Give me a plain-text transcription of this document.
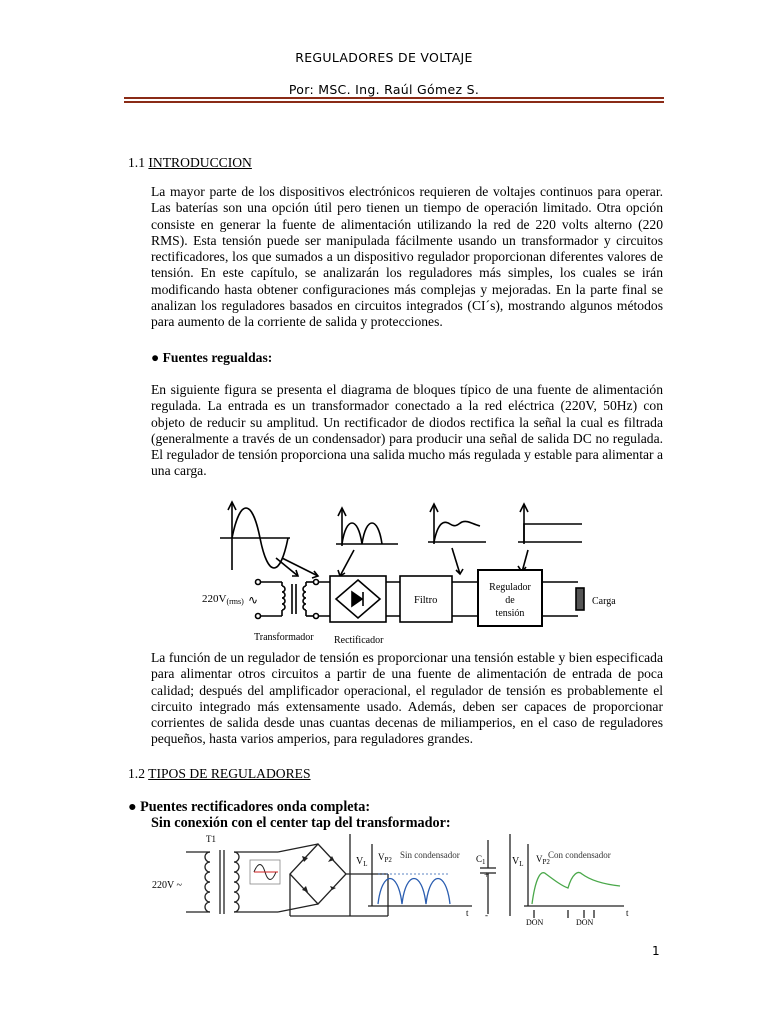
REGULADORES DE VOLTAJE
Por: MSC. Ing. Raúl Gómez S.
1.1 INTRODUCCION
La mayor parte de los dispositivos electrónicos requieren de voltajes continuos para operar. Las baterías son una opción útil pero tienen un tiempo de operación limitado. Otra opción consiste en generar la fuente de alimentación utilizando la red de 220 volts alterno (220 RMS). Esta tensión puede ser manipulada fácilmente usando un transformador y circuitos rectificadores, los que sumados a un dispositivo regulador proporcionan diferentes valores de tensión. En este capítulo, se analizarán los reguladores más simples, los cuales se irán modificando hasta obtener configuraciones más complejas y mejoradas. En la parte final se analizan los reguladores basados en circuitos integrados (CI´s), mostrando algunos métodos para aumento de la corriente de salida y protecciones.
● Fuentes regualdas:
En siguiente figura se presenta el diagrama de bloques típico de una fuente de alimentación regulada. La entrada es un transformador conectado a la red eléctrica (220V, 50Hz) con objeto de reducir su amplitud. Un rectificador de diodos rectifica la señal la cual es filtrada (generalmente a través de un condensador) para producir una señal de salida DC no regulada. El regulador de tensión proporciona una salida mucho más regulada y estable para alimentar a una carga.
220V(rms) ∿
Transformador Rectificador
Filtro
Regulador
de
tensión
Carga
La función de un regulador de tensión es proporcionar una tensión estable y bien especificada para alimentar otros circuitos a partir de una fuente de alimentación de entrada de poca calidad; después del amplificador operacional, el regulador de tensión es probablemente el circuito integrado más extensamente usado. Además, deben ser capaces de proporcionar corrientes de salida desde unas cuantas decenas de miliamperios, en el caso de reguladores pequeños, hasta varios amperios, para reguladores grandes.
1.2 TIPOS DE REGULADORES
● Puentes rectificadores onda completa:
Sin conexión con el center tap del transformador:
T1
220V ~
$V_L$
$V_{P2}$ Sin condensador $C_1$
+
-
t
$V_L$ $V_{P2}$
Con condensador
t
DON	DON
1
